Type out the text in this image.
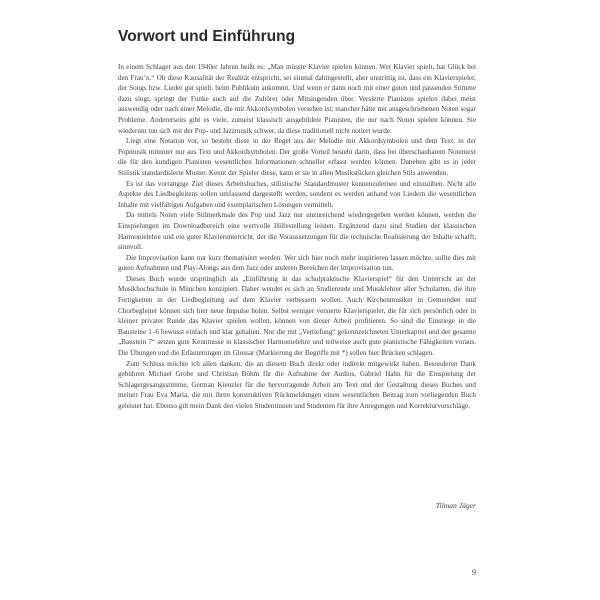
Vorwort und Einführung

In einem Schlager aus den 1940er Jahren heißt es: „Man müsste Klavier spielen können. Wer Klavier spielt, hat Glück bei den Frau’n.“ Ob diese Kausalität der Realität entspricht, sei einmal dahingestellt, aber unstrittig ist, dass ein Klavierspieler, der Songs bzw. Lieder gut spielt, beim Publikum ankommt. Und wenn er dann noch mit einer guten und passenden Stimme dazu singt, springt der Funke auch auf die Zuhörer oder Mitsingenden über. Versierte Pianisten spielen dabei meist auswendig oder nach einer Melodie, die mit Akkordsymbolen versehen ist; mancher hätte mit ausgeschriebenen Noten sogar Probleme. Andererseits gibt es viele, zumeist klassisch ausgebildete Pianisten, die nur nach Noten spielen können. Sie wiederum tun sich mit der Pop- und Jazzmusik schwer, da diese traditionell nicht notiert wurde.

Liegt eine Notation vor, so besteht diese in der Regel aus der Melodie mit Akkordsymbolen und dem Text, in der Popmusik mitunter nur aus Text und Akkordsymbolen. Der große Vorteil besteht darin, dass bei überschaubarem Notentext die für den kundigen Pianisten wesentlichen Informationen schneller erfasst werden können. Daneben gibt es in jeder Stilistik standardisierte Muster. Kennt der Spieler diese, kann er sie in allen Musikstücken gleichen Stils anwenden.

Es ist das vorrangige Ziel dieses Arbeitsbuches, stilistische Standardmuster kennenzulernen und einzuüben. Nicht alle Aspekte des Liedbegleitens sollen umfassend dargestellt werden, sondern es werden anhand von Liedern die wesentlichen Inhalte mit vielfältigen Aufgaben und exemplarischen Lösungen vermittelt.

Da mittels Noten viele Stilmerkmale des Pop und Jazz nur unzureichend wiedergegeben werden können, werden die Einspielungen im Downloadbereich eine wertvolle Hilfestellung leisten. Ergänzend dazu sind Studien der klassischen Harmonielehre und ein guter Klavierunterricht, der die Voraussetzungen für die technische Realisierung der Inhalte schafft, sinnvoll.

Die Improvisation kann nur kurz thematisiert werden. Wer sich hier noch mehr inspirieren lassen möchte, sollte dies mit guten Aufnahmen und Play-Alongs aus dem Jazz oder anderen Bereichen der Improvisation tun.

Dieses Buch wurde ursprünglich als „Einführung in das schulpraktische Klavierspiel“ für den Unterricht an der Musikhochschule in München konzipiert. Daher wendet es sich an Studierende und Musiklehrer aller Schularten, die ihre Fertigkeiten in der Liedbegleitung auf dem Klavier verbessern wollen. Auch Kirchenmusiker in Gemeinden und Chorbegleiter können sich hier neue Impulse holen. Selbst weniger versierte Klavierspieler, die für sich persönlich oder in kleiner privater Runde das Klavier spielen wollen, können von dieser Arbeit profitieren. So sind die Einstiege in die Bausteine 1–6 bewusst einfach und klar gehalten. Nur die mit „Vertiefung“ gekennzeichneten Unterkapitel und der gesamte „Baustein 7“ setzen gute Kenntnisse in klassischer Harmonielehre und teilweise auch gute pianistische Fähigkeiten voraus. Die Übungen und die Erläuterungen im Glossar (Markierung der Begriffe mit *) sollen hier Brücken schlagen.

Zum Schluss möchte ich allen danken, die an diesem Buch direkt oder indirekt mitgewirkt haben. Besonderen Dank gebühren Michael Grobe und Christian Böhm für die Aufnahme der Audios, Gabriel Hahn für die Einspielung der Schlagergesangsstimme, German Kienzler für die hervorragende Arbeit am Text und der Gestaltung dieses Buches und meiner Frau Eva Maria, die mit ihren konstruktiven Rückmeldungen einen wesentlichen Beitrag zum vorliegenden Buch geleistet hat. Ebenso gilt mein Dank den vielen Studentinnen und Studenten für ihre Anregungen und Korrekturvorschläge.

Tilman Jäger
9
